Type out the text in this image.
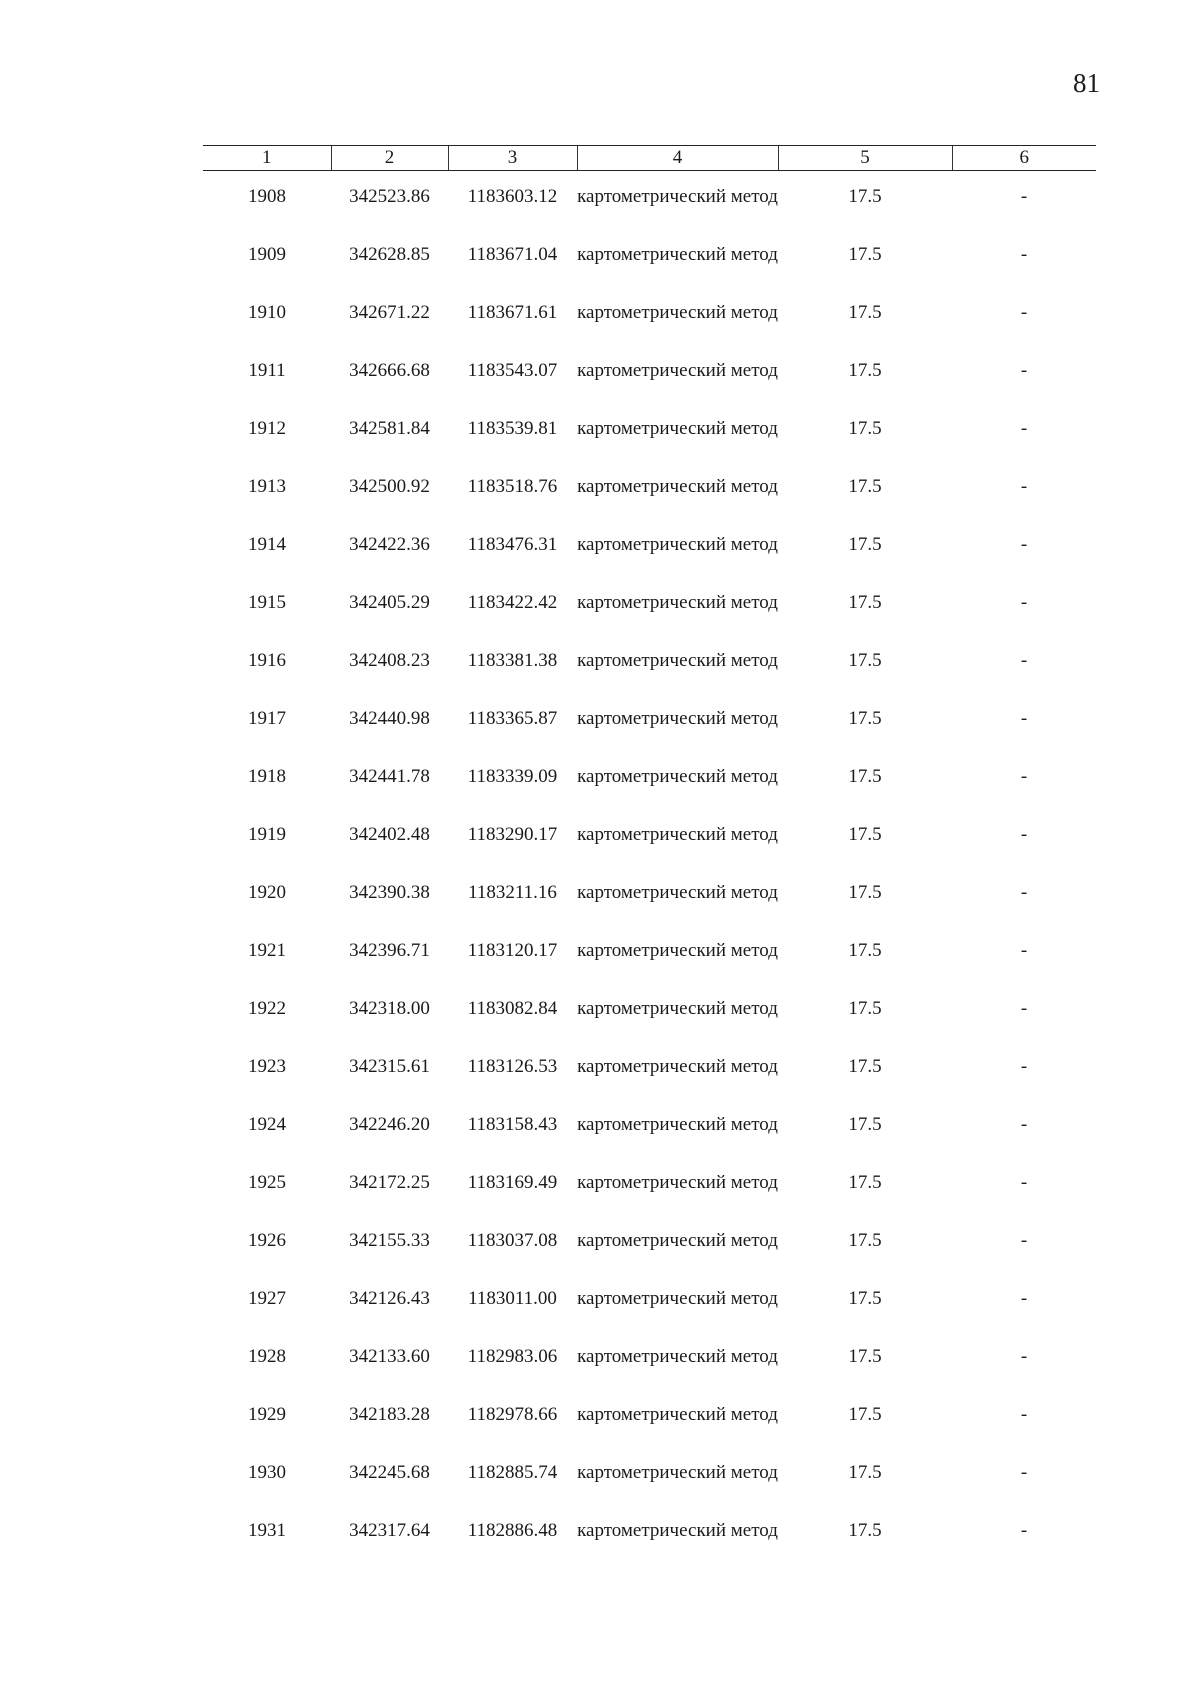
81
1	2	3	4	5	6

1908	342523.86	1183603.12	картометрический метод	17.5	-
1909	342628.85	1183671.04	картометрический метод	17.5	-
1910	342671.22	1183671.61	картометрический метод	17.5	-
1911	342666.68	1183543.07	картометрический метод	17.5	-
1912	342581.84	1183539.81	картометрический метод	17.5	-
1913	342500.92	1183518.76	картометрический метод	17.5	-
1914	342422.36	1183476.31	картометрический метод	17.5	-
1915	342405.29	1183422.42	картометрический метод	17.5	-
1916	342408.23	1183381.38	картометрический метод	17.5	-
1917	342440.98	1183365.87	картометрический метод	17.5	-
1918	342441.78	1183339.09	картометрический метод	17.5	-
1919	342402.48	1183290.17	картометрический метод	17.5	-
1920	342390.38	1183211.16	картометрический метод	17.5	-
1921	342396.71	1183120.17	картометрический метод	17.5	-
1922	342318.00	1183082.84	картометрический метод	17.5	-
1923	342315.61	1183126.53	картометрический метод	17.5	-
1924	342246.20	1183158.43	картометрический метод	17.5	-
1925	342172.25	1183169.49	картометрический метод	17.5	-
1926	342155.33	1183037.08	картометрический метод	17.5	-
1927	342126.43	1183011.00	картометрический метод	17.5	-
1928	342133.60	1182983.06	картометрический метод	17.5	-
1929	342183.28	1182978.66	картометрический метод	17.5	-
1930	342245.68	1182885.74	картометрический метод	17.5	-
1931	342317.64	1182886.48	картометрический метод	17.5	-
